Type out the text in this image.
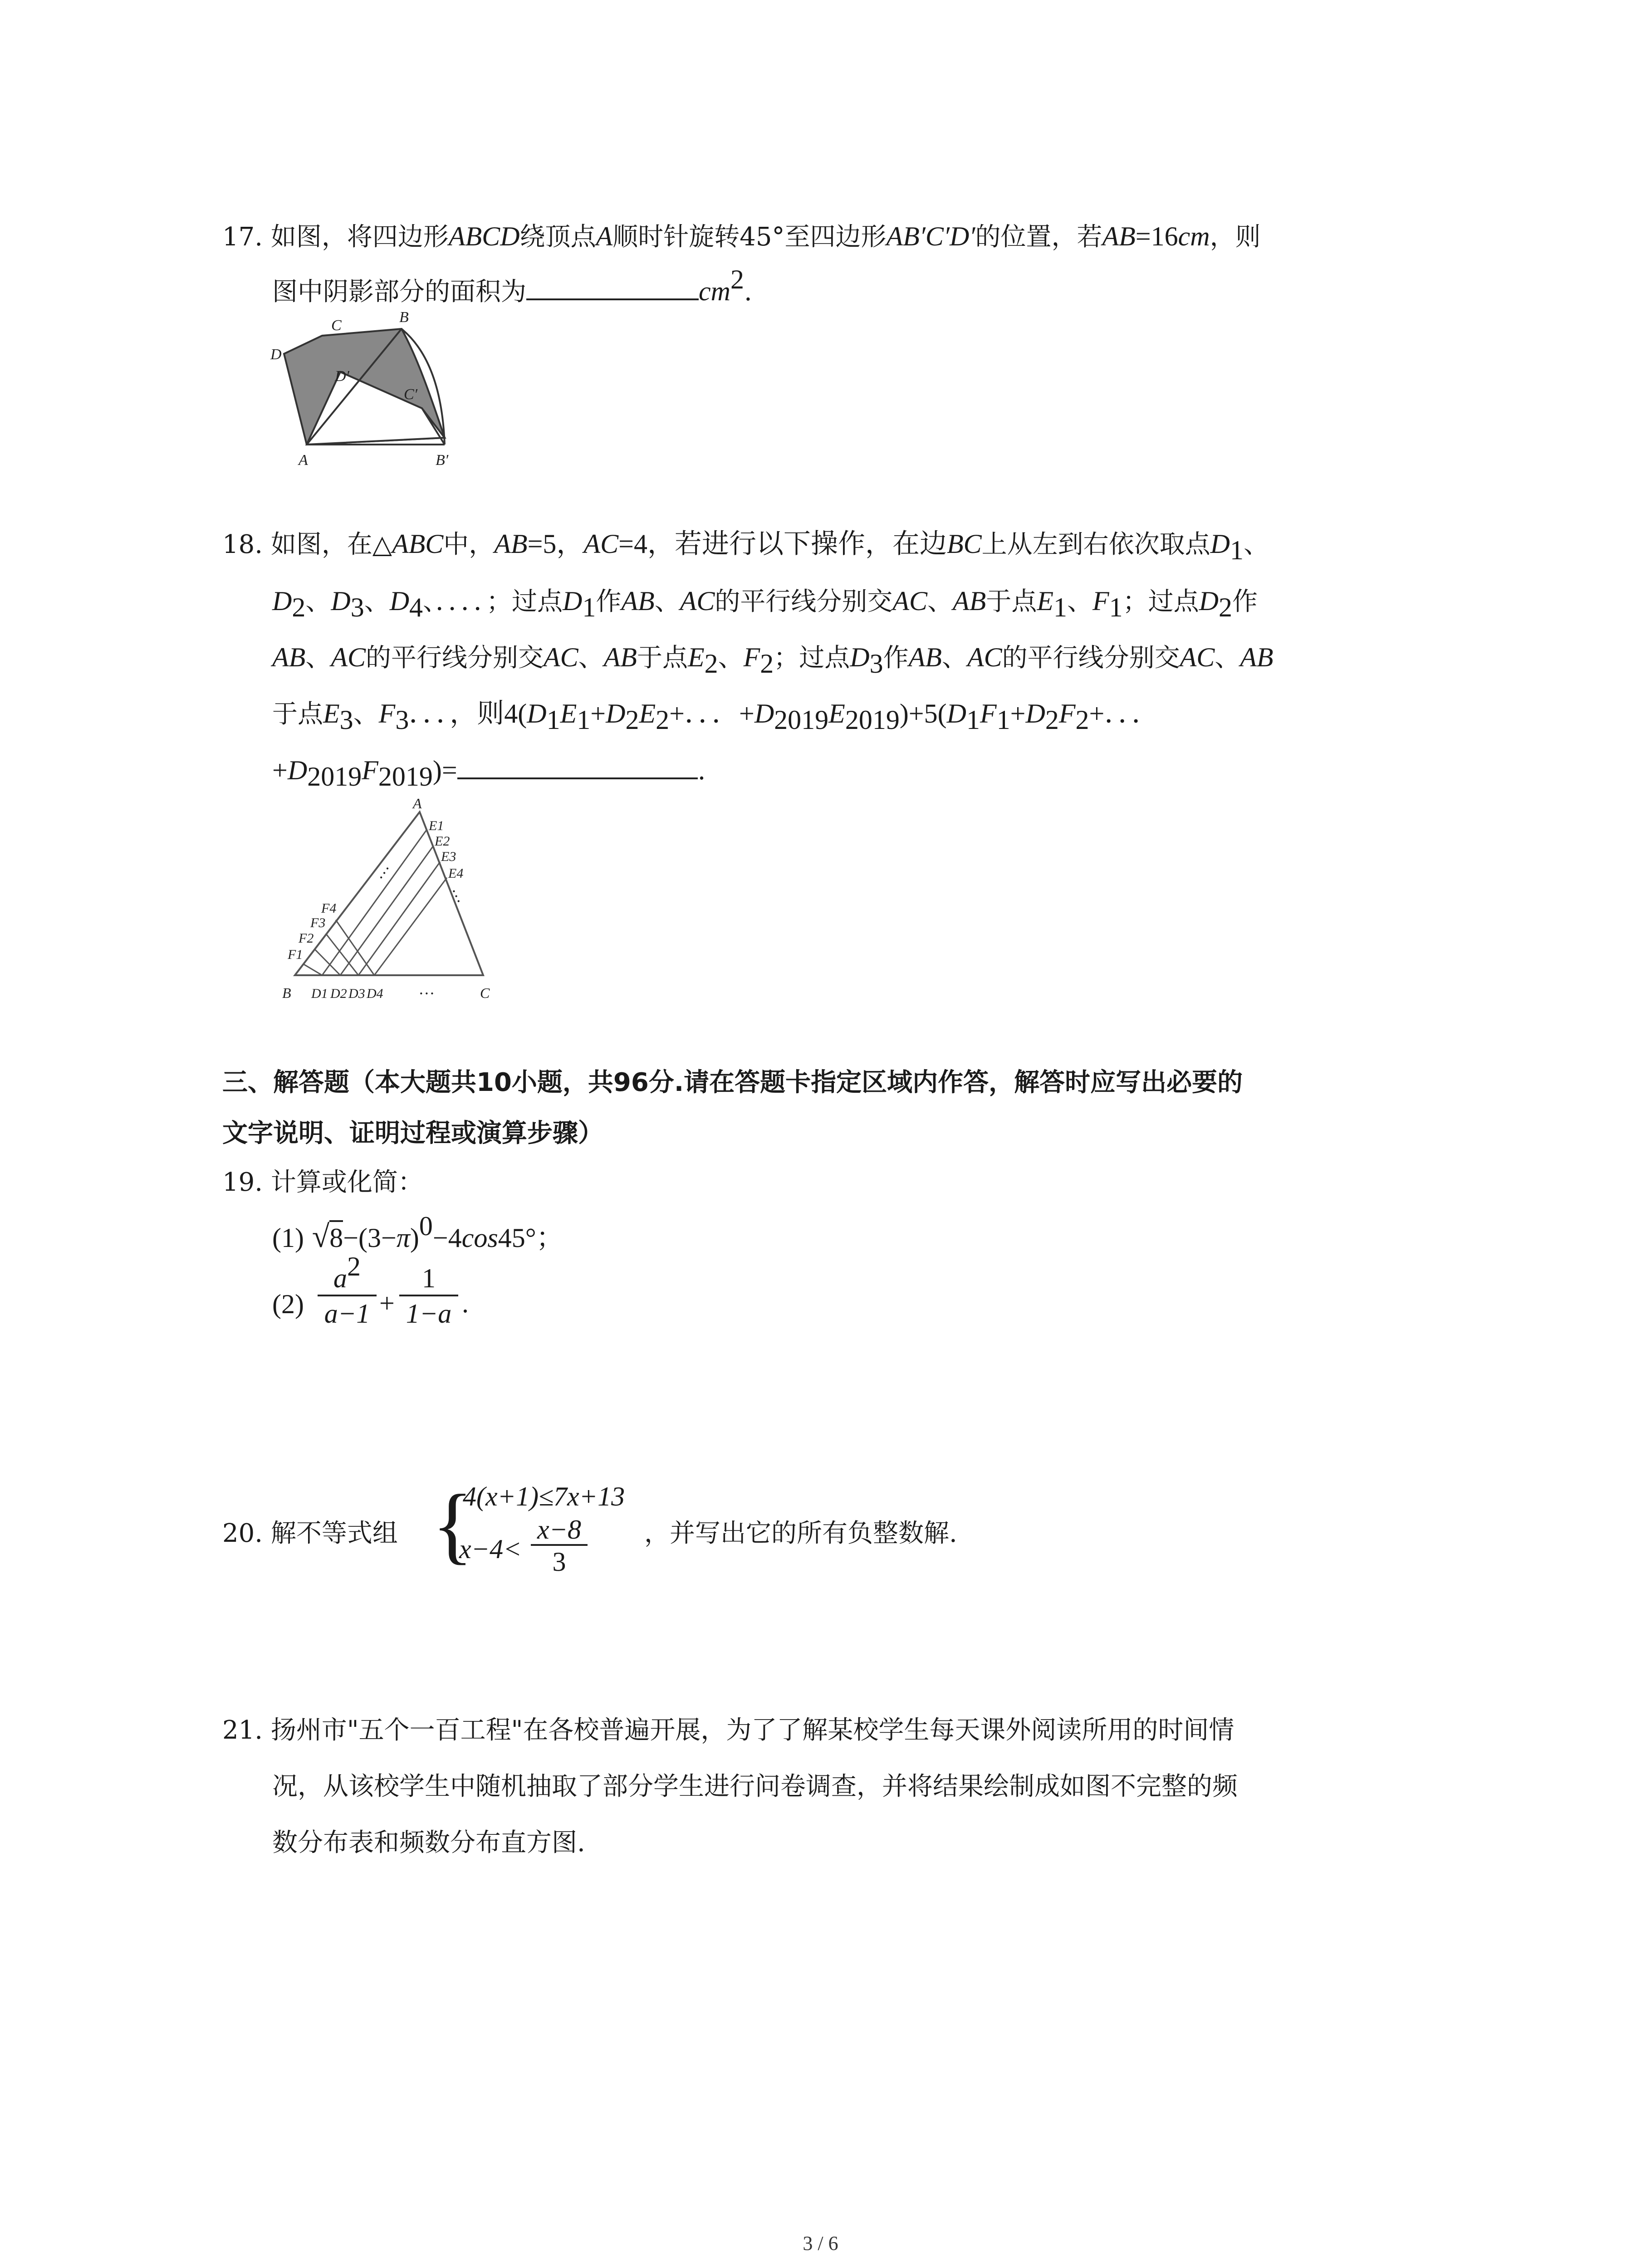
17. 如图，将四边形ABCD绕顶点A顺时针旋转45°至四边形AB′C′D′的位置，若AB=16cm，则
图中阴影部分的面积为	$cm^2$.
C	B
D
D′
C′
A	B′
18. 如图，在△ABC中，AB=5，AC=4，若进行以下操作，在边BC上从左到右依次取点$D_1$、
$D_2$、$D_3$、$D_4$、．．．．；过点$D_1$作AB、AC的平行线分别交AC、AB于点$E_1$、$F_1$；过点$D_2$作
AB、AC的平行线分别交AC、AB于点$E_2$、$F_2$；过点$D_3$作AB、AC的平行线分别交AC、AB
于点$E_3$、$F_3$．．．，则$4(D_1E_1+D_2E_2+$．．．$+D_{2019}E_{2019})+5(D_1F_1+D_2F_2+$．．．
$+D_{2019}F_{2019})=$	.
A
B	C
E1
E2
E3
E4
F1
F2
F3
F4
D1 D2 D3 D4 …
…
…
三、解答题（本大题共10小题，共96分.请在答题卡指定区域内作答，解答时应写出必要的
文字说明、证明过程或演算步骤）
19. 计算或化简：
(1) $√8-(3-\pi)^0-4\cos 45^\circ$；
(2)
$a^2$
a−1 +
1
1−a .
20. 解不等式组 {
4(x+1)≤7x+13
x−4<
x−8
3
，并写出它的所有负整数解.
21. 扬州市"五个一百工程"在各校普遍开展，为了了解某校学生每天课外阅读所用的时间情
况，从该校学生中随机抽取了部分学生进行问卷调查，并将结果绘制成如图不完整的频
数分布表和频数分布直方图.
3 / 6
